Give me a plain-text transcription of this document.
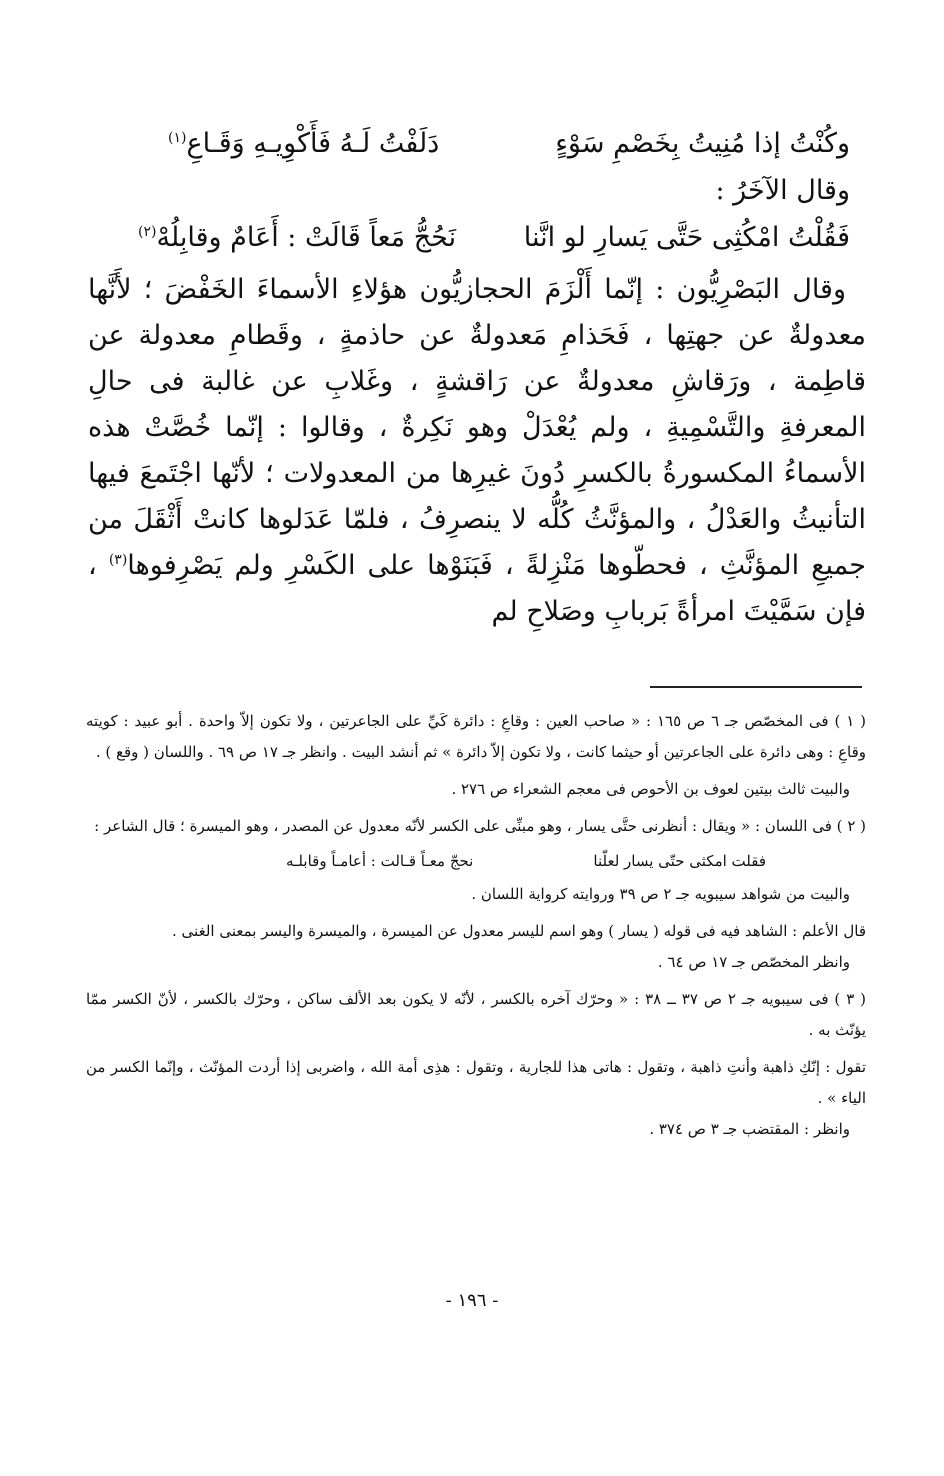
وكُنْتُ إذا مُنِيتُ بِخَصْمِ سَوْءٍ
دَلَفْتُ لَـهُ فَأَكْوِيـهِ وَقَـاعِ$^{(١)}$
وقال الآخَرُ :
فَقُلْتُ امْكُثِى حَتَّى يَسارِ لو انَّنا
نَحُجُّ مَعاً قَالَتْ : أَعَامٌ وقابِلُهْ$^{(٢)}$

وقال البَصْرِيُّون : إنّما أَلْزَمَ الحجازيُّون هؤلاءِ الأسماءَ الخَفْضَ ؛ لأَنَّها معدولةٌ عن جهتِها ، فَحَذامِ مَعدولةٌ عن حاذمةٍ ، وقَطامِ معدولة عن قاطِمة ، ورَقاشِ معدولةٌ عن رَاقشةٍ ، وغَلابِ عن غالبة فى حالِ المعرفةِ والتَّسْمِيةِ ، ولم يُعْدَلْ وهو نَكِرةٌ ، وقالوا : إنّما خُصَّتْ هذه الأسماءُ المكسورةُ بالكسرِ دُونَ غيرِها من المعدولات ؛ لأنّها اجْتَمعَ فيها التأنيثُ والعَدْلُ ، والمؤنَّثُ كُلُّه لا ينصرِفُ ، فلمّا عَدَلوها كانتْ أَثْقَلَ من جميعِ المؤنَّثِ ، فحطّوها مَنْزِلةً ، فَبَنَوْها على الكَسْرِ ولم يَصْرِفوها$^{(٣)}$ ، فإن سَمَّيْتَ امرأةً بَربابِ وصَلاحِ لم

( ١ ) فى المخصّص جـ ٦ ص ١٦٥ : « صاحب العين : وقاعِ : دائرة كَيِّ على الجاعرتين ، ولا تكون إلاّ واحدة . أبو عبيد : كويته وقاعِ : وهى دائرة على الجاعرتين أو حيثما كانت ، ولا تكون إلاّ دائرة » ثم أنشد البيت . وانظر جـ ١٧ ص ٦٩ . واللسان ( وقع ) .

والبيت ثالث بيتين لعوف بن الأحوص فى معجم الشعراء ص ٢٧٦ .

( ٢ ) فى اللسان : « ويقال : أنظرنى حتَّى يسار ، وهو مبنِّى على الكسر لأنّه معدول عن المصدر ، وهو الميسرة ؛ قال الشاعر :

فقلت امكثى حتّى يسار لعلّنا
نحجّ معـاً قـالت : أعامـاً وقابلـه

والبيت من شواهد سيبويه جـ ٢ ص ٣٩ وروايته كرواية اللسان .

قال الأعلم : الشاهد فيه فى قوله ( يسار ) وهو اسم لليسر معدول عن الميسرة ، والميسرة واليسر بمعنى الغنى .

وانظر المخصّص جـ ١٧ ص ٦٤ .

( ٣ ) فى سيبويه جـ ٢ ص ٣٧ ــ ٣٨ : « وحرّك آخره بالكسر ، لأنّه لا يكون بعد الألف ساكن ، وحرّك بالكسر ، لأنّ الكسر ممّا يؤنّث به .

تقول : إنّكِ ذاهبة وأنتِ ذاهبة ، وتقول : هاتى هذا للجارية ، وتقول : هذِى أمة الله ، واضربى إذا أردت المؤنّث ، وإنّما الكسر من الياء » .

وانظر : المقتضب جـ ٣ ص ٣٧٤ .

- ١٩٦ -
